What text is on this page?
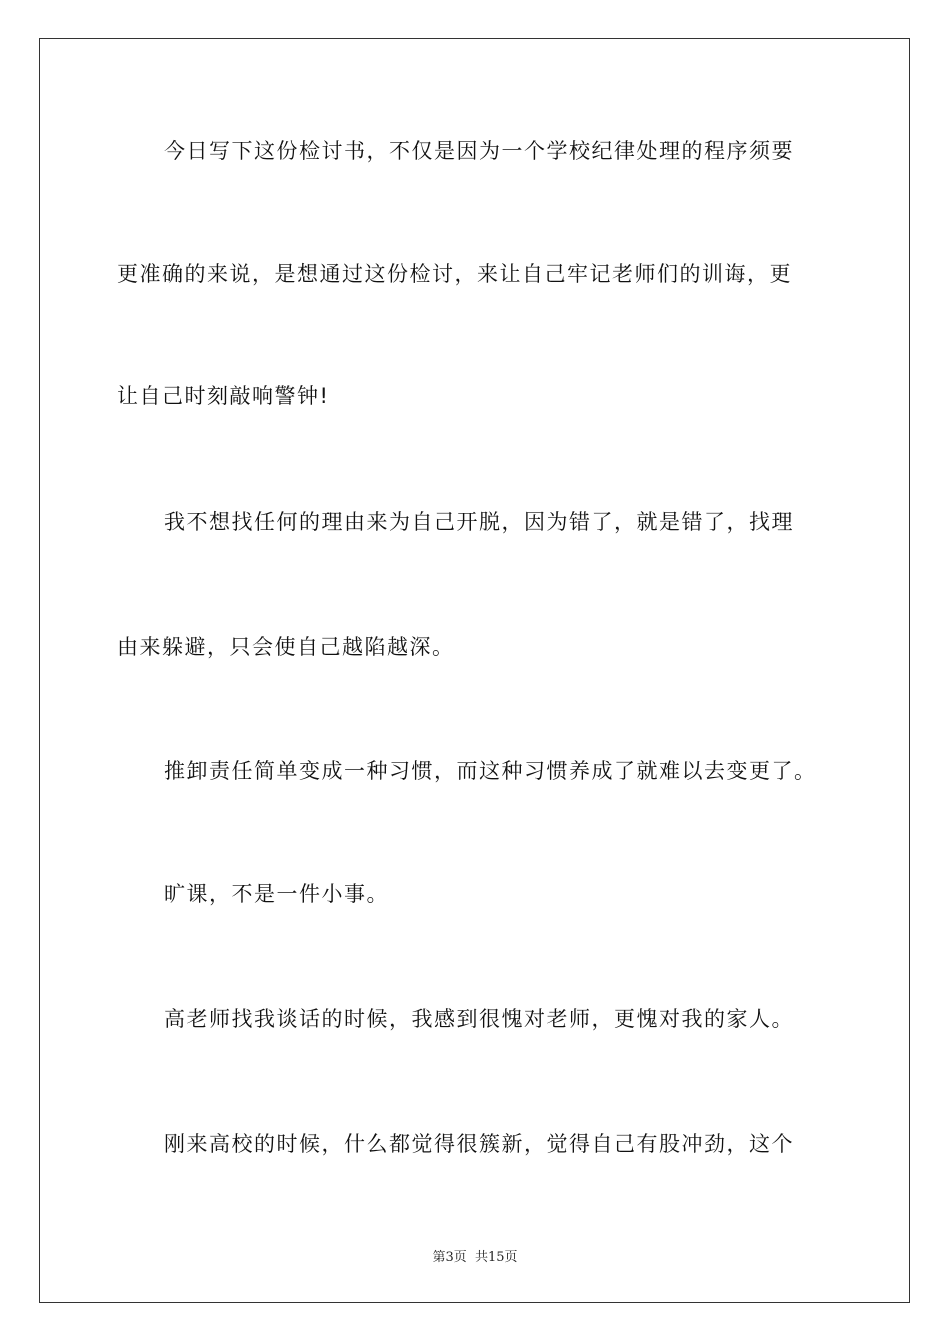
今日写下这份检讨书，不仅是因为一个学校纪律处理的程序须要
更准确的来说，是想通过这份检讨，来让自己牢记老师们的训诲，更
让自己时刻敲响警钟!
我不想找任何的理由来为自己开脱，因为错了，就是错了，找理
由来躲避，只会使自己越陷越深。
推卸责任简单变成一种习惯，而这种习惯养成了就难以去变更了。
旷课，不是一件小事。
高老师找我谈话的时候，我感到很愧对老师，更愧对我的家人。
刚来高校的时候，什么都觉得很簇新，觉得自己有股冲劲，这个
第3页 共15页
